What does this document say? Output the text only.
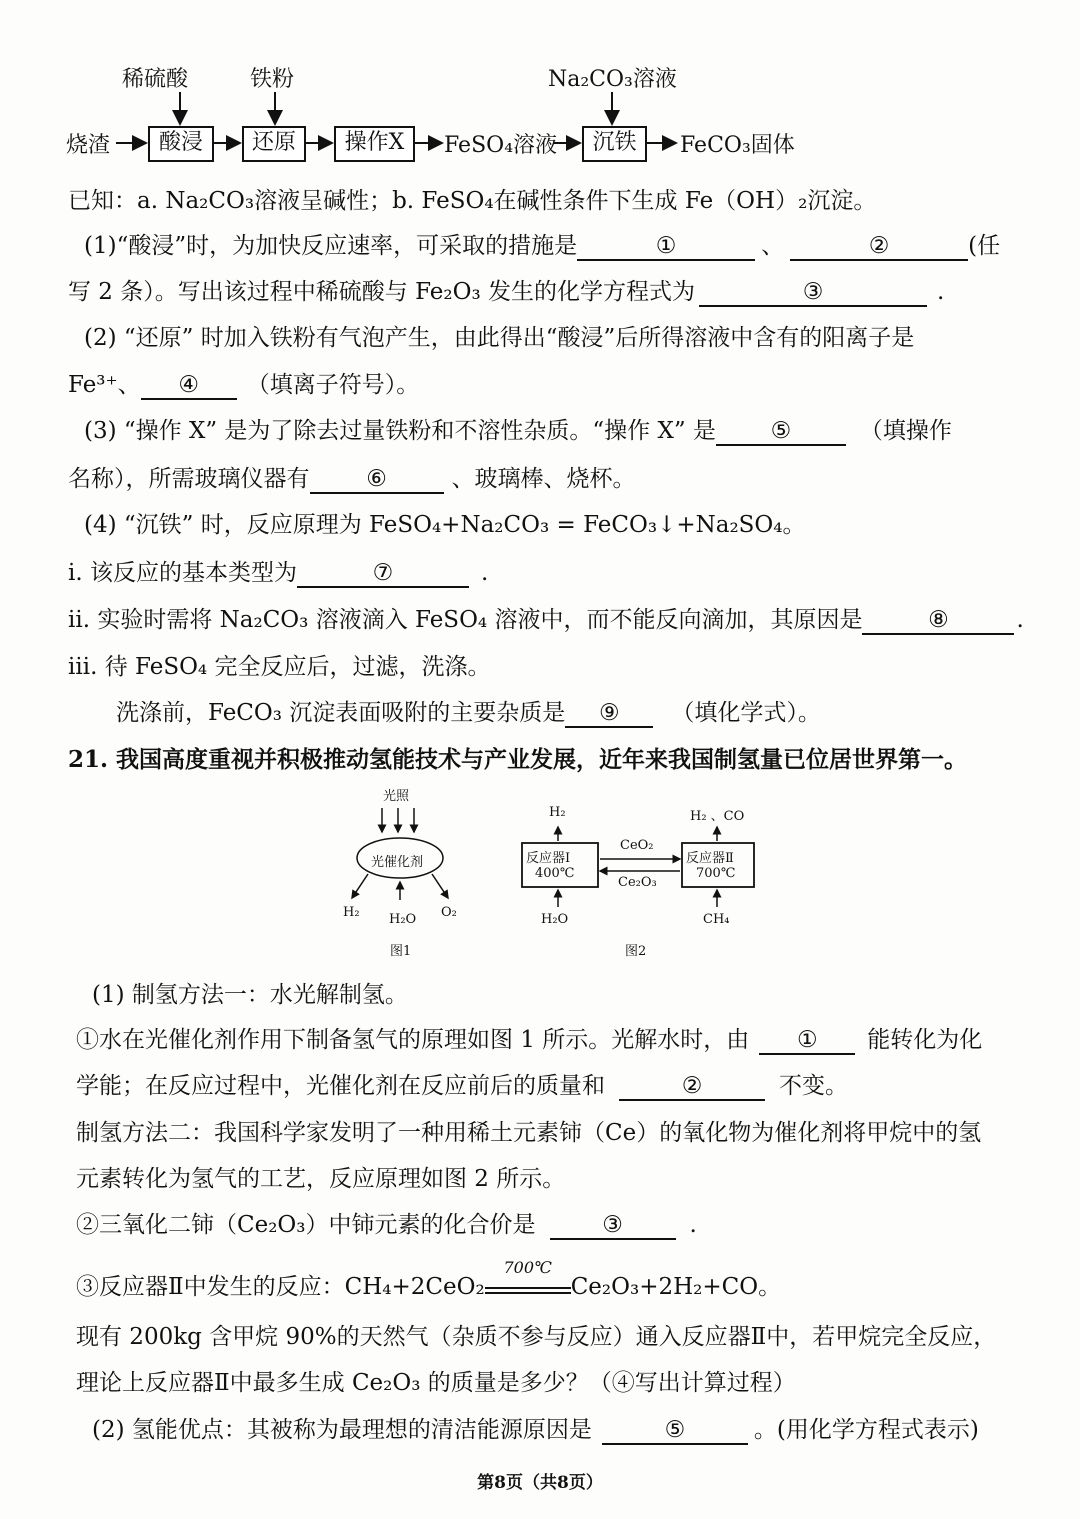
稀硫酸	铁粉	Na₂CO₃溶液
烧渣	酸浸	还原	操作X	FeSO₄溶液	沉铁	FeCO₃固体
已知：a. Na₂CO₃溶液呈碱性；b. FeSO₄在碱性条件下生成 Fe（OH）₂沉淀。
(1)“酸浸”时，为加快反应速率，可采取的措施是	①	、	②	(任
写 2 条）。写出该过程中稀硫酸与 Fe₂O₃ 发生的化学方程式为	③	.
(2) “还原” 时加入铁粉有气泡产生，由此得出“酸浸”后所得溶液中含有的阳离子是
Fe³⁺、 ④ （填离子符号）。
(3) “操作 X” 是为了除去过量铁粉和不溶性杂质。“操作 X” 是 ⑤	（填操作
名称），所需玻璃仪器有 ⑥	、玻璃棒、烧杯。
(4) “沉铁” 时，反应原理为 FeSO₄+Na₂CO₃ = FeCO₃↓+Na₂SO₄。
ⅰ. 该反应的基本类型为	⑦	.
ⅱ. 实验时需将 Na₂CO₃ 溶液滴入 FeSO₄ 溶液中，而不能反向滴加，其原因是	⑧	.
ⅲ. 待 FeSO₄ 完全反应后，过滤，洗涤。
洗涤前，FeCO₃ 沉淀表面吸附的主要杂质是 ⑨ （填化学式）。
21. 我国高度重视并积极推动氢能技术与产业发展，近年来我国制氢量已位居世界第一。
光照
光催化剂
H₂ H₂O O₂
图1
H₂	H₂ 、CO
反应器Ⅰ
400℃
反应器Ⅱ
700℃
CeO₂
Ce₂O₃
H₂O	CH₄
图2
(1) 制氢方法一：水光解制氢。
①水在光催化剂作用下制备氢气的原理如图 1 所示。光解水时，由 ① 能转化为化
学能；在反应过程中，光催化剂在反应前后的质量和	②	不变。
制氢方法二：我国科学家发明了一种用稀土元素铈（Ce）的氧化物为催化剂将甲烷中的氢
元素转化为氢气的工艺，反应原理如图 2 所示。
②三氧化二铈（Ce₂O₃）中铈元素的化合价是	③	.
③反应器Ⅱ中发生的反应：CH₄+2CeO₂
700℃
Ce₂O₃+2H₂+CO。
现有 200kg 含甲烷 90%的天然气（杂质不参与反应）通入反应器Ⅱ中，若甲烷完全反应，
理论上反应器Ⅱ中最多生成 Ce₂O₃ 的质量是多少？（④写出计算过程）
(2) 氢能优点：其被称为最理想的清洁能源原因是	⑤	。(用化学方程式表示)
第8页（共8页）
